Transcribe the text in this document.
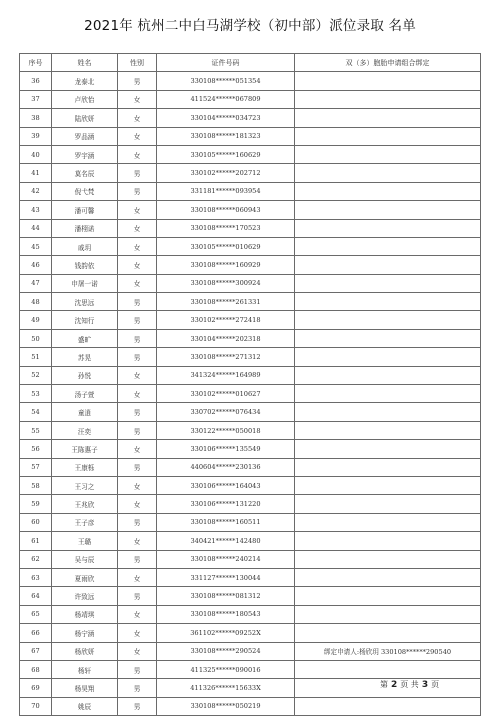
2021年 杭州二中白马湖学校（初中部）派位录取 名单
序号	姓名	性别	证件号码	双（多）胞胎申请组合绑定
36	龙泰北	男	330108******051354	
37	卢欣怡	女	411524******067809	
38	陆欣妍	女	330104******034723	
39	罗品涵	女	330108******181323	
40	罗宇涵	女	330105******160629	
41	莫名辰	男	330102******202712	
42	倪弋梵	男	331181******093954	
43	潘可馨	女	330108******060943	
44	潘栩诺	女	330108******170523	
45	戚玥	女	330105******010629	
46	钱韵依	女	330108******160929	
47	申屠一诺	女	330108******300924	
48	沈思远	男	330108******261331	
49	沈知行	男	330102******272418	
50	盛旷	男	330104******202318	
51	苏晃	男	330108******271312	
52	孙悦	女	341324******164989	
53	汤子萱	女	330102******010627	
54	童逍	男	330702******076434	
55	汪奕	男	330122******050018	
56	王陈惠子	女	330106******135549	
57	王康栎	男	440604******230136	
58	王习之	女	330106******164043	
59	王兆欣	女	330106******131220	
60	王子彦	男	330108******160511	
61	王璐	女	340421******142480	
62	吴与辰	男	330108******240214	
63	夏雨欣	女	331127******130044	
64	许致远	男	330108******081312	
65	杨靖琪	女	330108******180543	
66	杨宁涵	女	361102******09252X	
67	杨欣妍	女	330108******290524	绑定申请人:杨欣玥 330108******290540
68	杨轩	男	411325******090016	
69	杨昊翔	男	411326******15633X	
70	姚辰	男	330108******050219	
第 2 页 共 3 页
